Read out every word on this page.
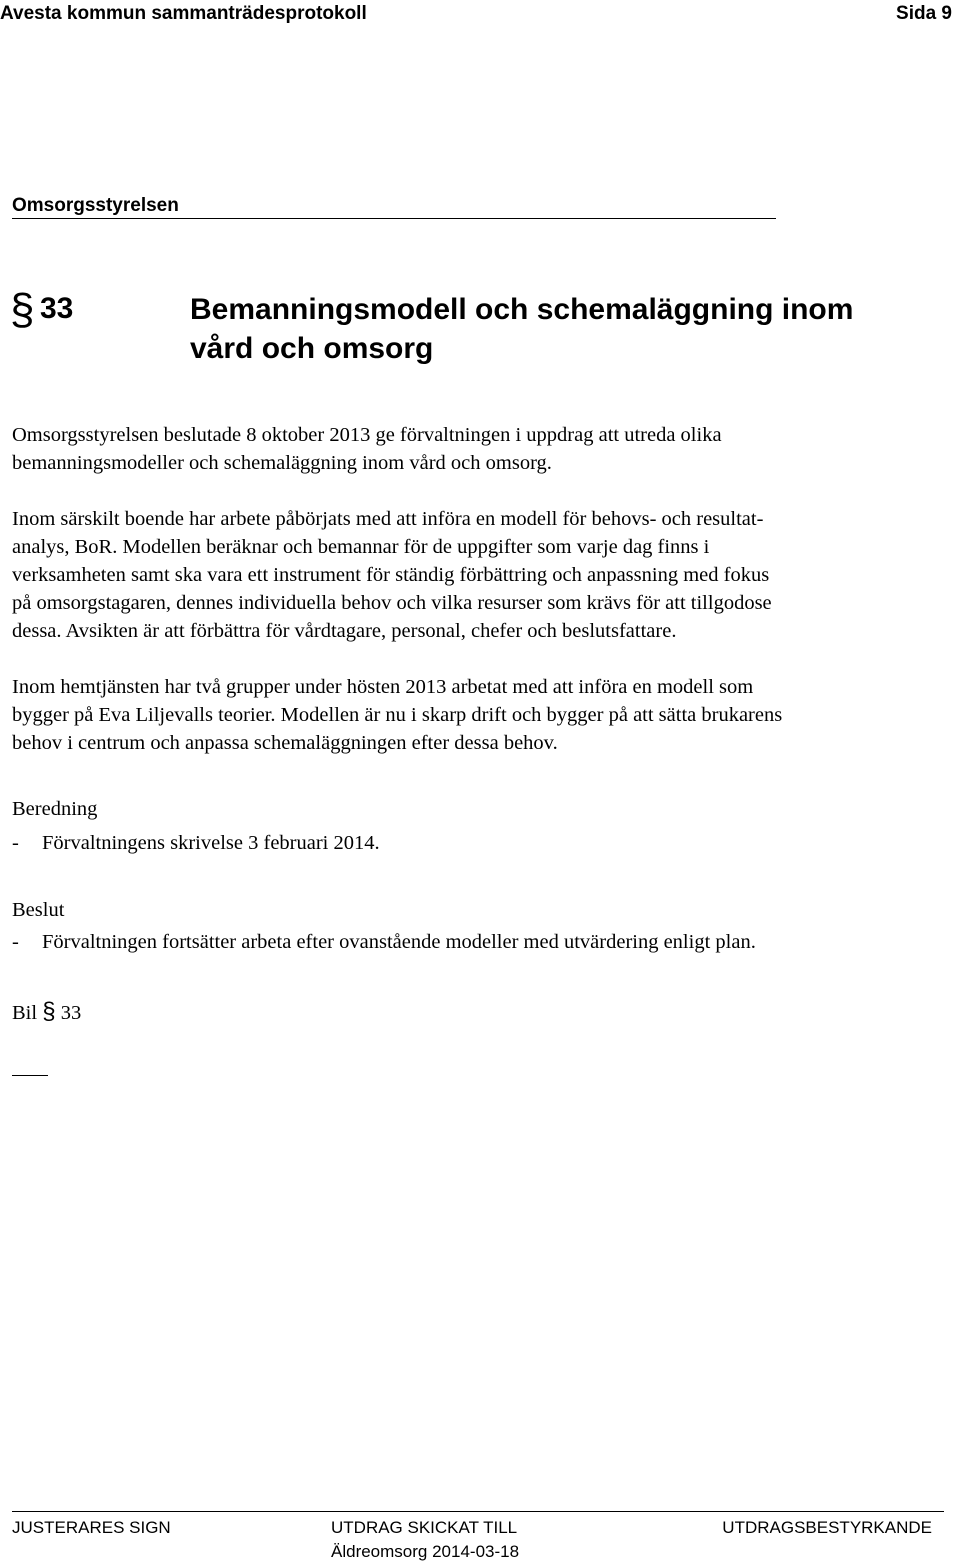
Avesta kommun sammanträdesprotokoll	Sida 9
Omsorgsstyrelsen
§ 33	Bemanningsmodell och schemaläggning inom
vård och omsorg
Omsorgsstyrelsen beslutade 8 oktober 2013 ge förvaltningen i uppdrag att utreda olika
bemanningsmodeller och schemaläggning inom vård och omsorg.
Inom särskilt boende har arbete påbörjats med att införa en modell för behovs- och resultat-
analys, BoR. Modellen beräknar och bemannar för de uppgifter som varje dag finns i
verksamheten samt ska vara ett instrument för ständig förbättring och anpassning med fokus
på omsorgstagaren, dennes individuella behov och vilka resurser som krävs för att tillgodose
dessa. Avsikten är att förbättra för vårdtagare, personal, chefer och beslutsfattare.
Inom hemtjänsten har två grupper under hösten 2013 arbetat med att införa en modell som
bygger på Eva Liljevalls teorier. Modellen är nu i skarp drift och bygger på att sätta brukarens
behov i centrum och anpassa schemaläggningen efter dessa behov.
Beredning
- Förvaltningens skrivelse 3 februari 2014.
Beslut
- Förvaltningen fortsätter arbeta efter ovanstående modeller med utvärdering enligt plan.
Bil § 33
JUSTERARES SIGN	UTDRAG SKICKAT TILL	UTDRAGSBESTYRKANDE
Äldreomsorg 2014-03-18
